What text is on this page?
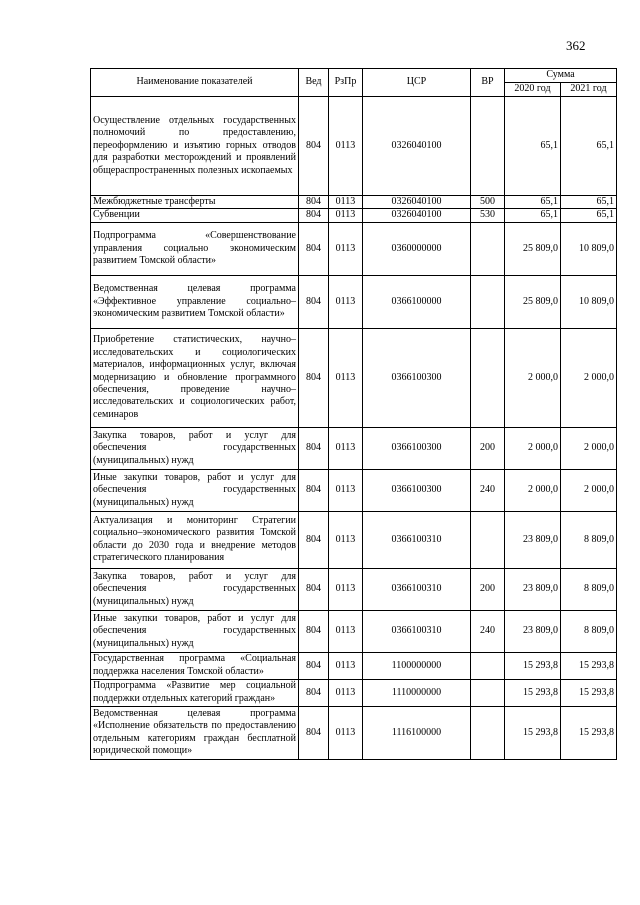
362
Наименование показателей	Вед	РзПр	ЦСР	ВР	Сумма	
					2020 год	2021 год
Осуществление отдельных государственных полномочий по предоставлению, переоформлению и изъятию горных отводов для разработки месторождений и проявлений общераспространенных полезных ископаемых	804	0113	0326040100		65,1	65,1
Межбюджетные трансферты	804	0113	0326040100	500	65,1	65,1
Субвенции	804	0113	0326040100	530	65,1	65,1
Подпрограмма «Совершенствование управления социально экономическим развитием Томской области»	804	0113	0360000000		25 809,0	10 809,0
Ведомственная целевая программа «Эффективное управление социально–экономическим развитием Томской области»	804	0113	0366100000		25 809,0	10 809,0
Приобретение статистических, научно–исследовательских и социологических материалов, информационных услуг, включая модернизацию и обновление программного обеспечения, проведение научно–исследовательских и социологических работ, семинаров	804	0113	0366100300		2 000,0	2 000,0
Закупка товаров, работ и услуг для обеспечения государственных (муниципальных) нужд	804	0113	0366100300	200	2 000,0	2 000,0
Иные закупки товаров, работ и услуг для обеспечения государственных (муниципальных) нужд	804	0113	0366100300	240	2 000,0	2 000,0
Актуализация и мониторинг Стратегии социально–экономического развития Томской области до 2030 года и внедрение методов стратегического планирования	804	0113	0366100310		23 809,0	8 809,0
Закупка товаров, работ и услуг для обеспечения государственных (муниципальных) нужд	804	0113	0366100310	200	23 809,0	8 809,0
Иные закупки товаров, работ и услуг для обеспечения государственных (муниципальных) нужд	804	0113	0366100310	240	23 809,0	8 809,0
Государственная программа «Социальная поддержка населения Томской области»	804	0113	1100000000		15 293,8	15 293,8
Подпрограмма «Развитие мер социальной поддержки отдельных категорий граждан»	804	0113	1110000000		15 293,8	15 293,8
Ведомственная целевая программа «Исполнение обязательств по предоставлению отдельным категориям граждан бесплатной юридической помощи»	804	0113	1116100000		15 293,8	15 293,8
